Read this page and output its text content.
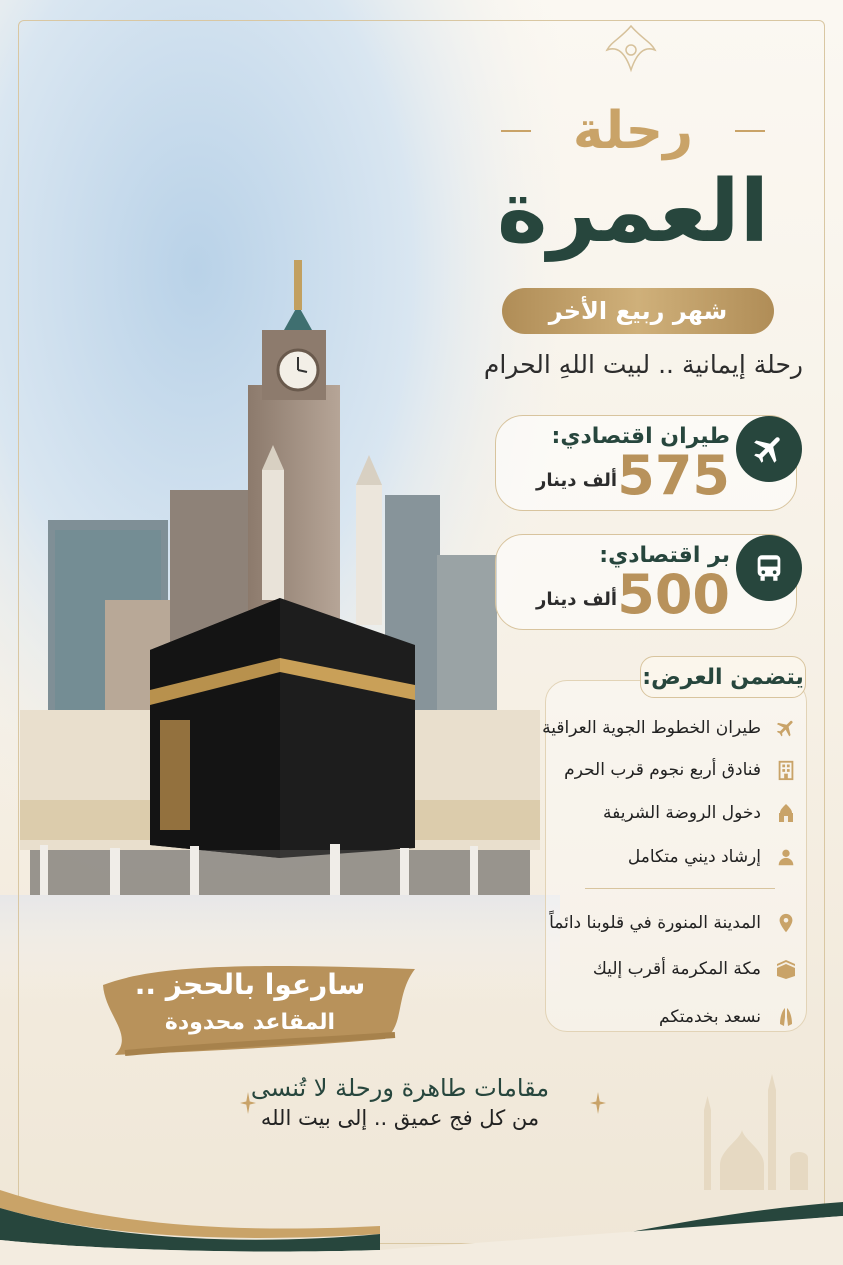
رحلة
العمرة
شهر ربيع الأخر
رحلة إيمانية .. لبيت اللهِ الحرام
طيران اقتصادي:
575
ألف دينار
بر اقتصادي:
500
ألف دينار
يتضمن العرض:
طيران الخطوط الجوية العراقية
فنادق أربع نجوم قرب الحرم
دخول الروضة الشريفة
إرشاد ديني متكامل
المدينة المنورة في قلوبنا دائماً
مكة المكرمة أقرب إليك
نسعد بخدمتكم
سارعوا بالحجز ..
المقاعد محدودة
مقامات طاهرة ورحلة لا تُنسى
من كل فج عميق .. إلى بيت الله
